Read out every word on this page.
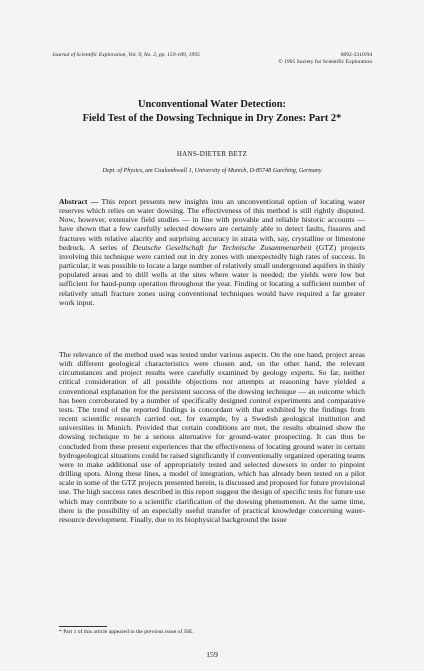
Journal of Scientific Exploration, Vol. 9, No. 2, pp. 159-189, 1995	0892-3310/94
© 1995 Society for Scientific Exploration
Unconventional Water Detection:
Field Test of the Dowsing Technique in Dry Zones: Part 2*
HANS-DIETER BETZ
Dept. of Physics, am Coulombwall 1, University of Munich, D-85748 Garching, Germany

Abstract — This report presents new insights into an unconventional option of locating water reserves which relies on water dowsing. The effectiveness of this method is still rightly disputed. Now, however, extensive field studies — in line with provable and reliable historic accounts — have shown that a few carefully selected dowsers are certainly able to detect faults, fissures and fractures with relative alacrity and surprising accuracy in strata with, say, crystalline or limestone bedrock. A series of Deutsche Gesellschaft fur Technische Zusammenarbeit (GTZ) projects involving this technique were carried out in dry zones with unexpectedly high rates of success. In particular, it was possible to locate a large number of relatively small underground aquifers in thinly populated areas and to drill wells at the sites where water is needed; the yields were low but sufficient for hand-pump operation throughout the year. Finding or locating a sufficient number of relatively small fracture zones using conventional techniques would have required a far greater work input.

The relevance of the method used was tested under various aspects. On the one hand, project areas with different geological characteristics were chosen and, on the other hand, the relevant circumstances and project results were carefully examined by geology experts. So far, neither critical consideration of all possible objections nor attempts at reasoning have yielded a conventional explanation for the persistent success of the dowsing technique — an outcome which has been corroborated by a number of specifically designed control experiments and comparative tests. The trend of the reported findings is concordant with that exhibited by the findings from recent scientific research carried out, for example, by a Swedish geological institution and universities in Munich. Provided that certain conditions are met, the results obtained show the dowsing technique to be a serious alternative for ground-water prospecting. It can thus be concluded from these present experiences that the effectiveness of locating ground water in certain hydrogeological situations could be raised significantly if conventionally organized operating teams were to make additional use of appropriately tested and selected dowsers in order to pinpoint drilling spots. Along these lines, a model of integration, which has already been tested on a pilot scale in some of the GTZ projects presented herein, is discussed and proposed for future provisional use. The high success rates described in this report suggest the design of specific tests for future use which may contribute to a scientific clarification of the dowsing phenomenon. At the same time, there is the possibility of an especially useful transfer of practical knowledge concerning water-resource development. Finally, due to its biophysical background the issue

* Part 1 of this article appeared in the previous issue of JSE.
159
